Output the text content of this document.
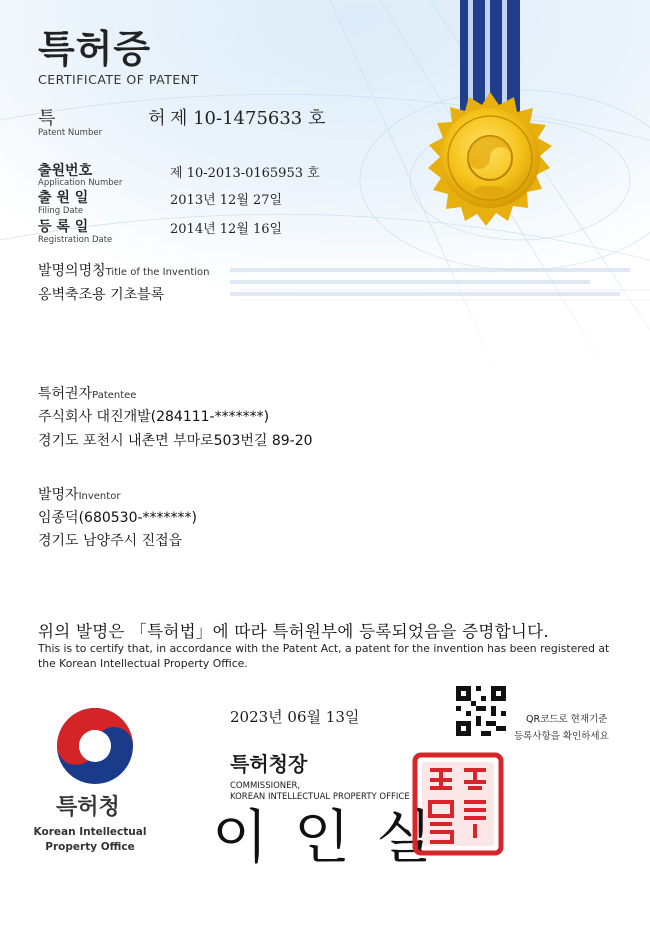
특허증
CERTIFICATE OF PATENT
특    허
Patent Number
제 10-1475633 호
출원번호
Application Number
제 10-2013-0165953 호
출 원 일
Filing Date
2013년 12월 27일
등 록 일
Registration Date
2014년 12월 16일
발명의명칭Title of the Invention
옹벽축조용 기초블록
특허권자Patentee
주식회사 대진개발(284111-*******)
경기도 포천시 내촌면 부마로503번길 89-20
발명자Inventor
임종덕(680530-*******)
경기도 남양주시 진접읍
위의 발명은 「특허법」에 따라 특허원부에 등록되었음을 증명합니다.
This is to certify that, in accordance with the Patent Act, a patent for the invention has been registered at
the Korean Intellectual Property Office.
특허청
Korean Intellectual
Property Office
2023년 06월 13일	QR코드로 현재기준
등록사항을 확인하세요
특허청장
COMMISSIONER,
KOREAN INTELLECTUAL PROPERTY OFFICE
이인실
